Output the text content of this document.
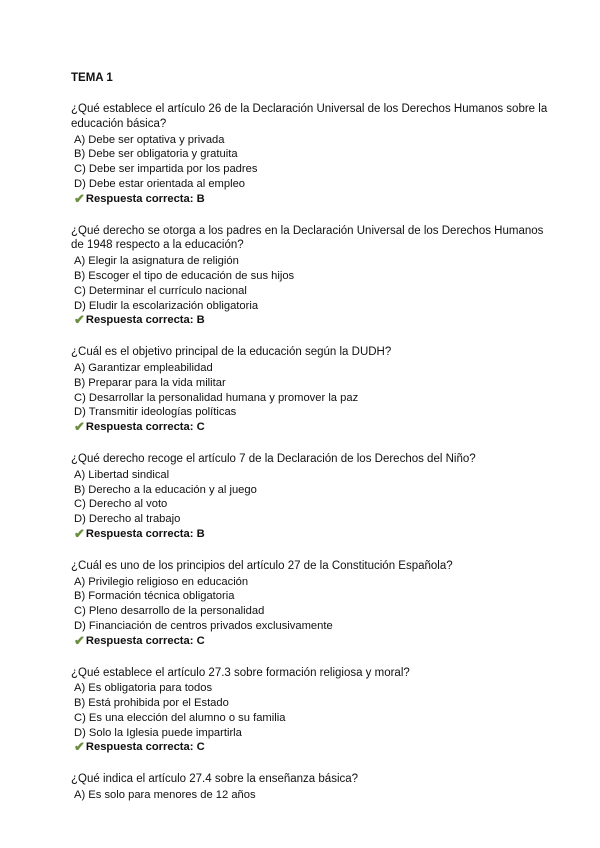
TEMA 1
¿Qué establece el artículo 26 de la Declaración Universal de los Derechos Humanos sobre la educación básica?
A) Debe ser optativa y privada
B) Debe ser obligatoria y gratuita
C) Debe ser impartida por los padres
D) Debe estar orientada al empleo
✔ Respuesta correcta:
B
¿Qué derecho se otorga a los padres en la Declaración Universal de los Derechos Humanos de 1948 respecto a la educación?
A) Elegir la asignatura de religión
B) Escoger el tipo de educación de sus hijos
C) Determinar el currículo nacional
D) Eludir la escolarización obligatoria
✔ Respuesta correcta:
B
¿Cuál es el objetivo principal de la educación según la DUDH?
A) Garantizar empleabilidad
B) Preparar para la vida militar
C) Desarrollar la personalidad humana y promover la paz
D) Transmitir ideologías políticas
✔ Respuesta correcta:
C
¿Qué derecho recoge el artículo 7 de la Declaración de los Derechos del Niño?
A) Libertad sindical
B) Derecho a la educación y al juego
C) Derecho al voto
D) Derecho al trabajo
✔ Respuesta correcta:
B
¿Cuál es uno de los principios del artículo 27 de la Constitución Española?
A) Privilegio religioso en educación
B) Formación técnica obligatoria
C) Pleno desarrollo de la personalidad
D) Financiación de centros privados exclusivamente
✔ Respuesta correcta:
C
¿Qué establece el artículo 27.3 sobre formación religiosa y moral?
A) Es obligatoria para todos
B) Está prohibida por el Estado
C) Es una elección del alumno o su familia
D) Solo la Iglesia puede impartirla
✔ Respuesta correcta:
C
¿Qué indica el artículo 27.4 sobre la enseñanza básica?
A) Es solo para menores de 12 años
